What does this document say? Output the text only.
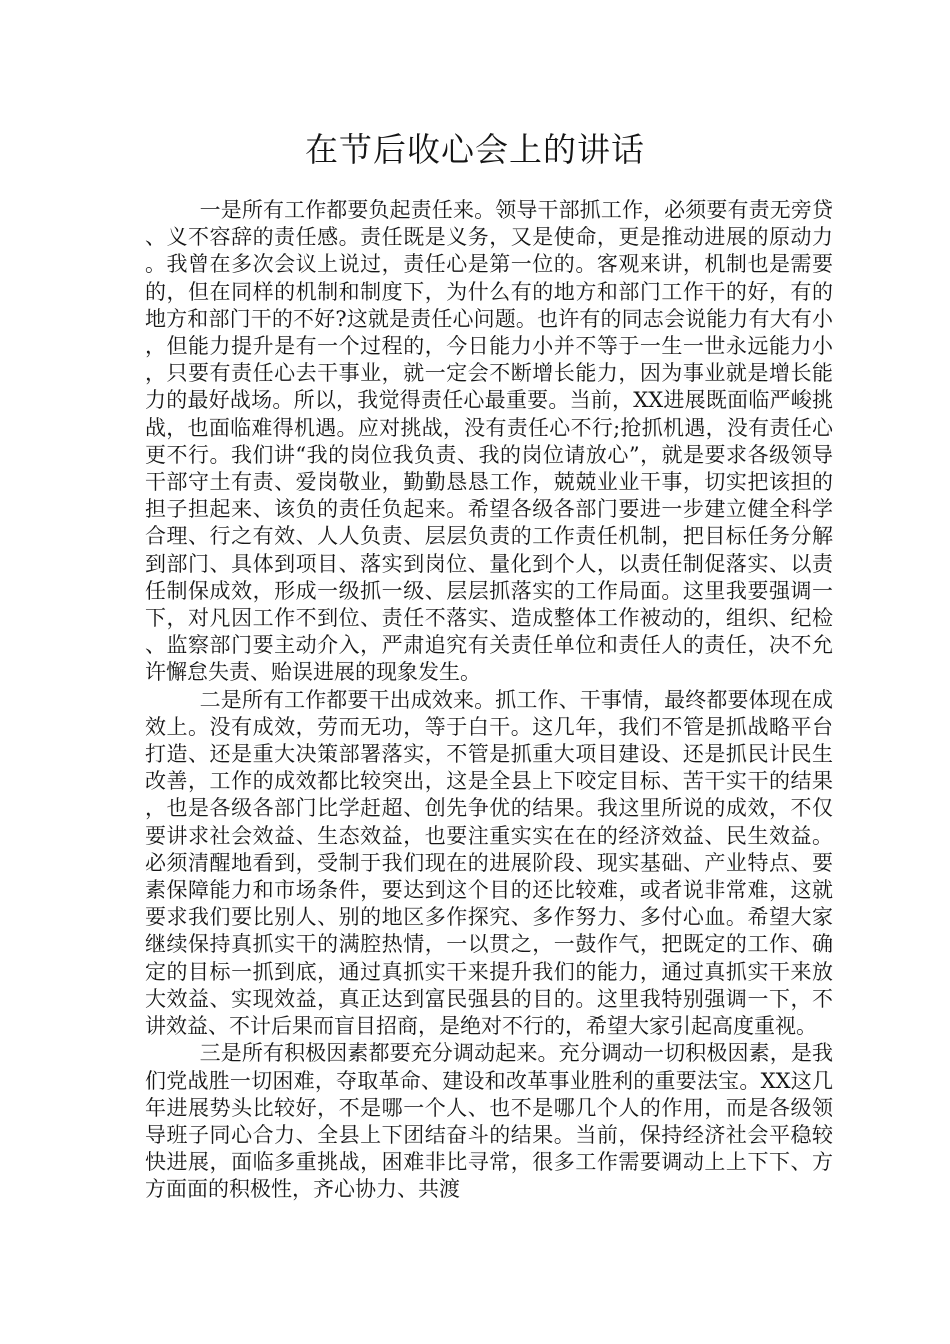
在节后收心会上的讲话

一是所有工作都要负起责任来。领导干部抓工作，必须要有责无旁贷、义不容辞的责任感。责任既是义务，又是使命，更是推动进展的原动力。我曾在多次会议上说过，责任心是第一位的。客观来讲，机制也是需要的，但在同样的机制和制度下，为什么有的地方和部门工作干的好，有的地方和部门干的不好?这就是责任心问题。也许有的同志会说能力有大有小，但能力提升是有一个过程的，今日能力小并不等于一生一世永远能力小，只要有责任心去干事业，就一定会不断增长能力，因为事业就是增长能力的最好战场。所以，我觉得责任心最重要。当前，XX进展既面临严峻挑战，也面临难得机遇。应对挑战，没有责任心不行;抢抓机遇，没有责任心更不行。我们讲“我的岗位我负责、我的岗位请放心”，就是要求各级领导干部守土有责、爱岗敬业，勤勤恳恳工作，兢兢业业干事，切实把该担的担子担起来、该负的责任负起来。希望各级各部门要进一步建立健全科学合理、行之有效、人人负责、层层负责的工作责任机制，把目标任务分解到部门、具体到项目、落实到岗位、量化到个人，以责任制促落实、以责任制保成效，形成一级抓一级、层层抓落实的工作局面。这里我要强调一下，对凡因工作不到位、责任不落实、造成整体工作被动的，组织、纪检、监察部门要主动介入，严肃追究有关责任单位和责任人的责任，决不允许懈怠失责、贻误进展的现象发生。

二是所有工作都要干出成效来。抓工作、干事情，最终都要体现在成效上。没有成效，劳而无功，等于白干。这几年，我们不管是抓战略平台打造、还是重大决策部署落实，不管是抓重大项目建设、还是抓民计民生改善，工作的成效都比较突出，这是全县上下咬定目标、苦干实干的结果，也是各级各部门比学赶超、创先争优的结果。我这里所说的成效，不仅要讲求社会效益、生态效益，也要注重实实在在的经济效益、民生效益。必须清醒地看到，受制于我们现在的进展阶段、现实基础、产业特点、要素保障能力和市场条件，要达到这个目的还比较难，或者说非常难，这就要求我们要比别人、别的地区多作探究、多作努力、多付心血。希望大家继续保持真抓实干的满腔热情，一以贯之，一鼓作气，把既定的工作、确定的目标一抓到底，通过真抓实干来提升我们的能力，通过真抓实干来放大效益、实现效益，真正达到富民强县的目的。这里我特别强调一下，不讲效益、不计后果而盲目招商，是绝对不行的，希望大家引起高度重视。

三是所有积极因素都要充分调动起来。充分调动一切积极因素，是我们党战胜一切困难，夺取革命、建设和改革事业胜利的重要法宝。XX这几年进展势头比较好，不是哪一个人、也不是哪几个人的作用，而是各级领导班子同心合力、全县上下团结奋斗的结果。当前，保持经济社会平稳较快进展，面临多重挑战，困难非比寻常，很多工作需要调动上上下下、方方面面的积极性，齐心协力、共渡
